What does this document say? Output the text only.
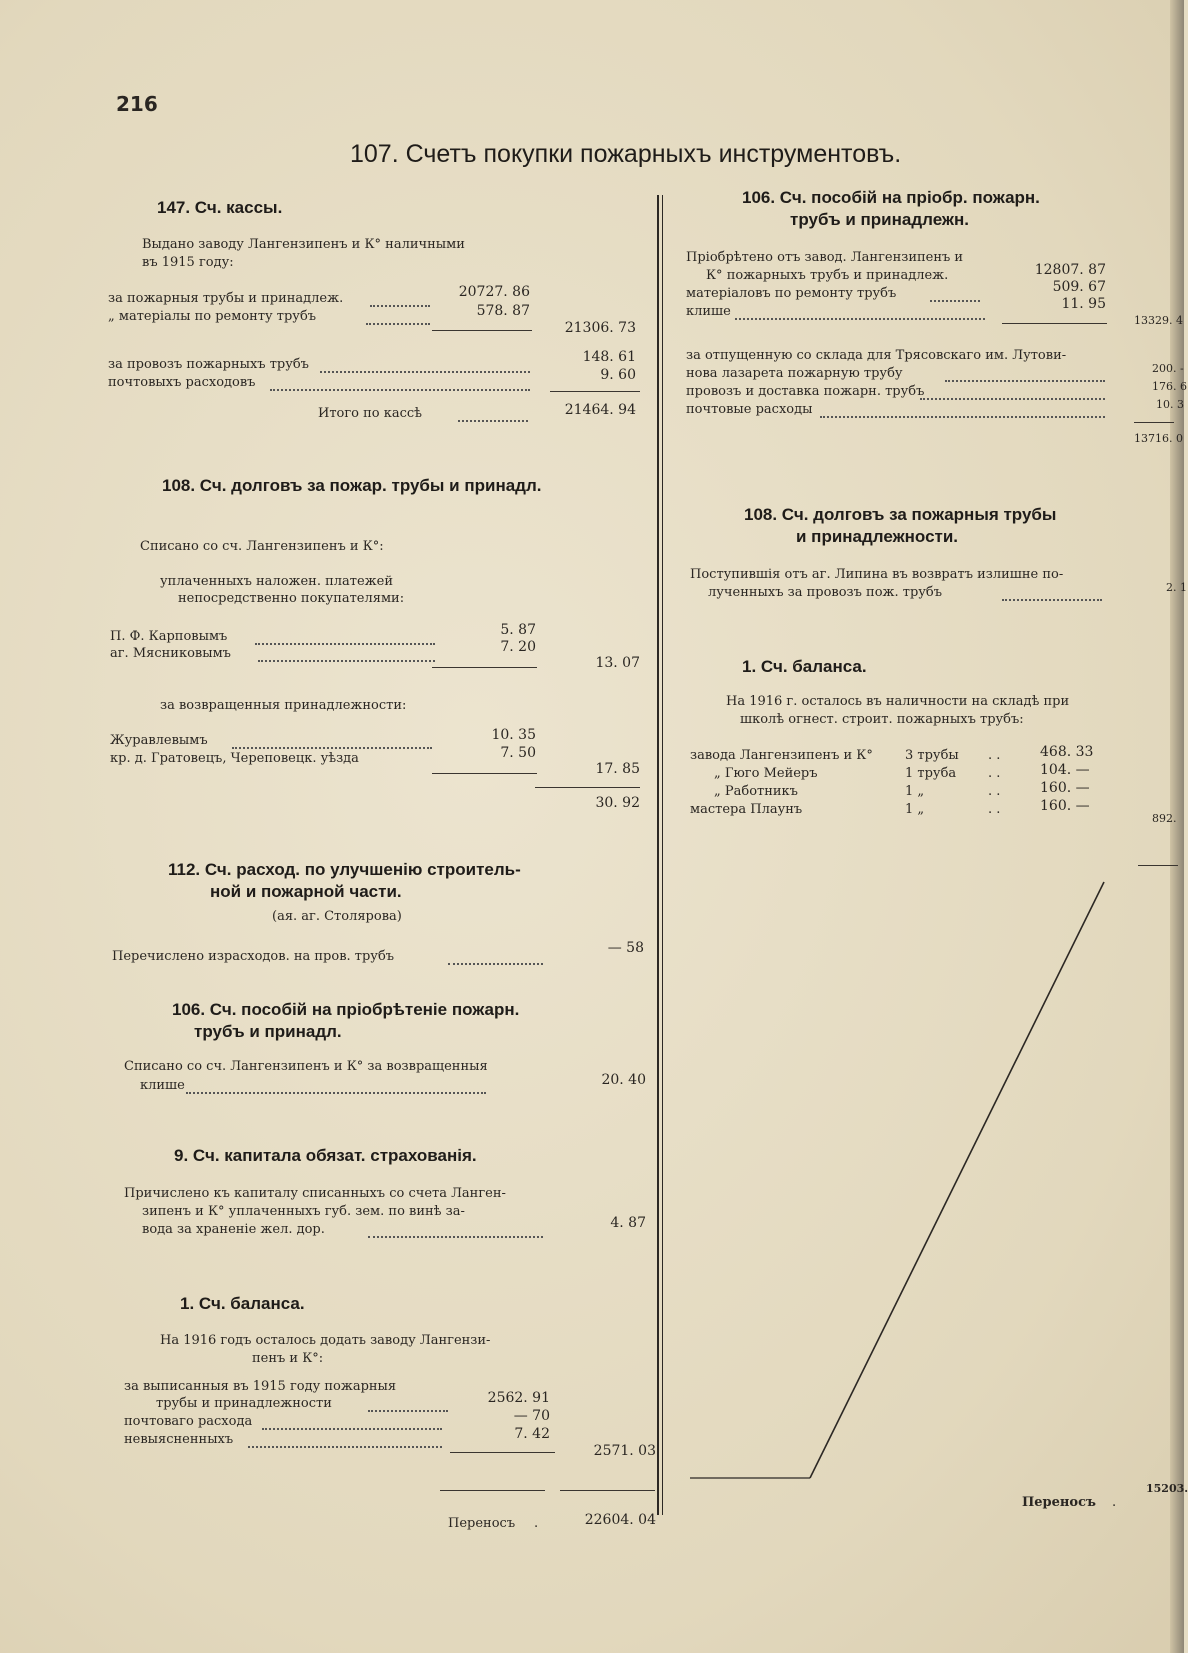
216
107. Счетъ покупки пожарныхъ инструментовъ.
147. Сч. кассы.
Выдано заводу Лангензипенъ и К° наличными
въ 1915 году:
за пожарныя трубы и принадлеж.	20727. 86
„ матеріалы по ремонту трубъ	578. 87
21306. 73
за провозъ пожарныхъ трубъ	148. 61
почтовыхъ расходовъ	9. 60
Итого по кассѣ	21464. 94
108. Сч. долговъ за пожар. трубы и принадл.
Списано со сч. Лангензипенъ и К°:
уплаченныхъ наложен. платежей
непосредственно покупателями:
П. Ф. Карповымъ	5. 87
аг. Мясниковымъ	7. 20
13. 07
за возвращенныя принадлежности:
Журавлевымъ	10. 35
кр. д. Гратовецъ, Череповецк. уѣзда	7. 50
17. 85
30. 92
112. Сч. расход. по улучшенію строитель-
ной и пожарной части.
(ая. аг. Столярова)
Перечислено израсходов. на пров. трубъ
— 58
106. Сч. пособій на пріобрѣтеніе пожарн.
трубъ и принадл.
Списано со сч. Лангензипенъ и К° за возвращенныя
клише	20. 40
9. Сч. капитала обязат. страхованія.
Причислено къ капиталу списанныхъ со счета Ланген-
зипенъ и К° уплаченныхъ губ. зем. по винѣ за-
вода за храненіе жел. дор.	4. 87
1. Сч. баланса.
На 1916 годъ осталось додать заводу Лангензи-
пенъ и К°:
за выписанныя въ 1915 году пожарныя
трубы и принадлежности	2562. 91
почтоваго расхода	— 70
невыясненныхъ	7. 42
2571. 03
Переносъ .	22604. 04
106. Сч. пособій на пріобр. пожарн.
трубъ и принадлежн.
Пріобрѣтено отъ завод. Лангензипенъ и
К° пожарныхъ трубъ и принадлеж.	12807. 87
матеріаловъ по ремонту трубъ	509. 67
клише	11. 95
13329. 4
за отпущенную со склада для Трясовскаго им. Лутови-
нова лазарета пожарную трубу	200. -
провозъ и доставка пожарн. трубъ	176. 6
почтовые расходы	10. 3
13716. 0
108. Сч. долговъ за пожарныя трубы
и принадлежности.
Поступившія отъ аг. Липина въ возвратъ излишне по-
лученныхъ за провозъ пож. трубъ	2. 1
1. Сч. баланса.
На 1916 г. осталось въ наличности на складѣ при
школѣ огнест. строит. пожарныхъ трубъ:
завода Лангензипенъ и К° 3 трубы . .	468. 33
„ Гюго Мейеръ	1 труба . .	104. —
„ Работникъ	1 „	. .	160. —
мастера Плаунъ	1 „	. .	160. —
892.
Переносъ .
15203.
